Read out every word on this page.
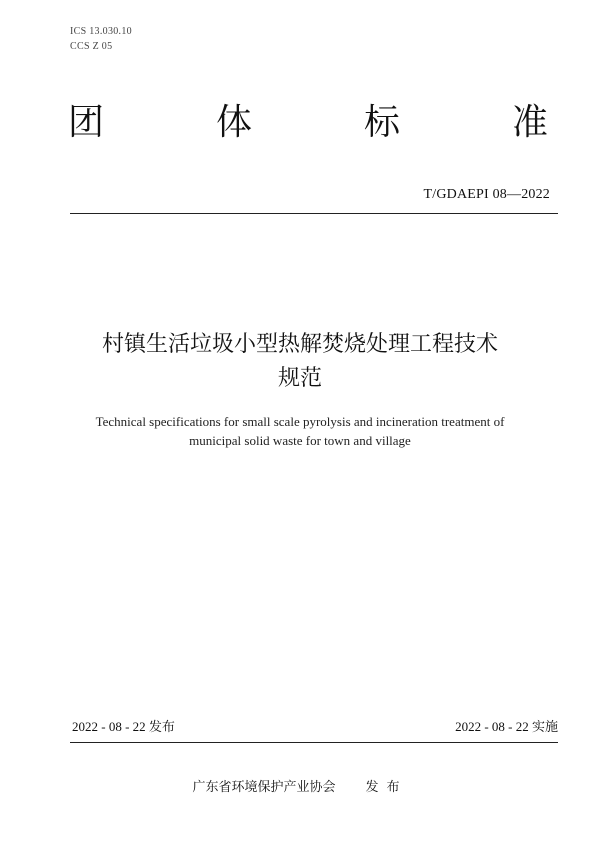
ICS 13.030.10
CCS Z 05
团	体	标	准
T/GDAEPI 08—2022
村镇生活垃圾小型热解焚烧处理工程技术
规范
Technical specifications for small scale pyrolysis and incineration treatment of
municipal solid waste for town and village
2022 - 08 - 22 发布	2022 - 08 - 22 实施
广东省环境保护产业协会 发布
